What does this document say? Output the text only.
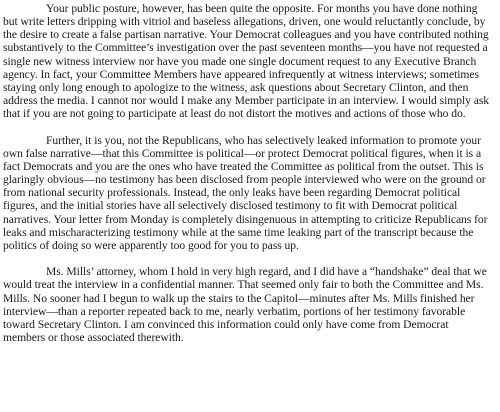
Your public posture, however, has been quite the opposite. For months you have done nothing but write letters dripping with vitriol and baseless allegations, driven, one would reluctantly conclude, by the desire to create a false partisan narrative. Your Democrat colleagues and you have contributed nothing substantively to the Committee’s investigation over the past seventeen months—you have not requested a single new witness interview nor have you made one single document request to any Executive Branch agency. In fact, your Committee Members have appeared infrequently at witness interviews; sometimes staying only long enough to apologize to the witness, ask questions about Secretary Clinton, and then address the media. I cannot nor would I make any Member participate in an interview. I would simply ask that if you are not going to participate at least do not distort the motives and actions of those who do.

Further, it is you, not the Republicans, who has selectively leaked information to promote your own false narrative—that this Committee is political—or protect Democrat political figures, when it is a fact Democrats and you are the ones who have treated the Committee as political from the outset. This is glaringly obvious—no testimony has been disclosed from people interviewed who were on the ground or from national security professionals. Instead, the only leaks have been regarding Democrat political figures, and the initial stories have all selectively disclosed testimony to fit with Democrat political narratives. Your letter from Monday is completely disingenuous in attempting to criticize Republicans for leaks and mischaracterizing testimony while at the same time leaking part of the transcript because the politics of doing so were apparently too good for you to pass up.

Ms. Mills’ attorney, whom I hold in very high regard, and I did have a “handshake” deal that we would treat the interview in a confidential manner. That seemed only fair to both the Committee and Ms. Mills. No sooner had I begun to walk up the stairs to the Capitol—minutes after Ms. Mills finished her interview—than a reporter repeated back to me, nearly verbatim, portions of her testimony favorable toward Secretary Clinton. I am convinced this information could only have come from Democrat members or those associated therewith.
